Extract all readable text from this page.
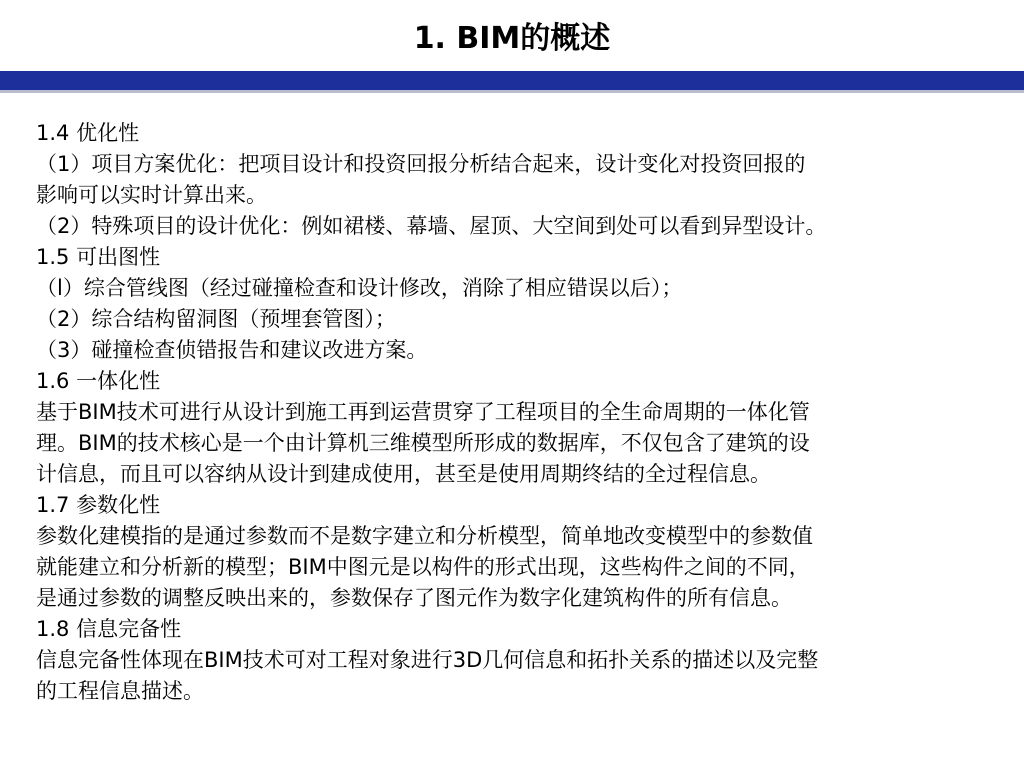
1. BIM的概述
1.4 优化性
（1）项目方案优化：把项目设计和投资回报分析结合起来，设计变化对投资回报的
影响可以实时计算出来。
（2）特殊项目的设计优化：例如裙楼、幕墙、屋顶、大空间到处可以看到异型设计。
1.5 可出图性
（l）综合管线图（经过碰撞检查和设计修改，消除了相应错误以后）；
（2）综合结构留洞图（预埋套管图）；
（3）碰撞检查侦错报告和建议改进方案。
1.6 一体化性
基于BIM技术可进行从设计到施工再到运营贯穿了工程项目的全生命周期的一体化管
理。BIM的技术核心是一个由计算机三维模型所形成的数据库，不仅包含了建筑的设
计信息，而且可以容纳从设计到建成使用，甚至是使用周期终结的全过程信息。
1.7 参数化性
参数化建模指的是通过参数而不是数字建立和分析模型，简单地改变模型中的参数值
就能建立和分析新的模型；BIM中图元是以构件的形式出现，这些构件之间的不同，
是通过参数的调整反映出来的，参数保存了图元作为数字化建筑构件的所有信息。
1.8 信息完备性
信息完备性体现在BIM技术可对工程对象进行3D几何信息和拓扑关系的描述以及完整
的工程信息描述。
